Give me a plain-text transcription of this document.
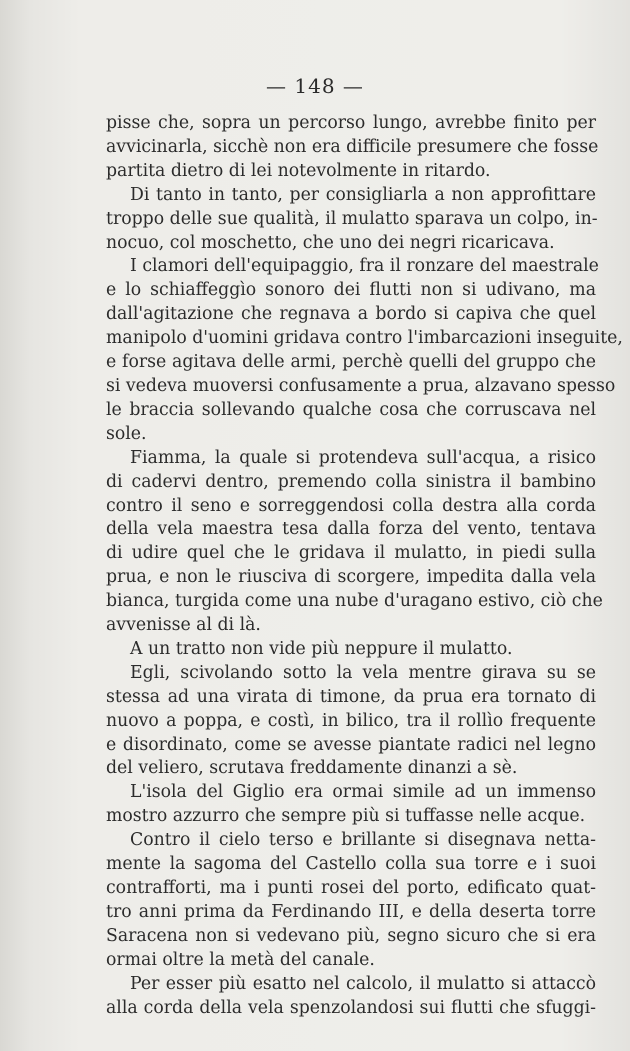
— 148 —
pisse che, sopra un percorso lungo, avrebbe finito per
avvicinarla, sicchè non era difficile presumere che fosse
partita dietro di lei notevolmente in ritardo.
Di tanto in tanto, per consigliarla a non approfittare
troppo delle sue qualità, il mulatto sparava un colpo, in-
nocuo, col moschetto, che uno dei negri ricaricava.
I clamori dell'equipaggio, fra il ronzare del maestrale
e lo schiaffeggìo sonoro dei flutti non si udivano, ma
dall'agitazione che regnava a bordo si capiva che quel
manipolo d'uomini gridava contro l'imbarcazioni inseguite,
e forse agitava delle armi, perchè quelli del gruppo che
si vedeva muoversi confusamente a prua, alzavano spesso
le braccia sollevando qualche cosa che corruscava nel
sole.
Fiamma, la quale si protendeva sull'acqua, a risico
di cadervi dentro, premendo colla sinistra il bambino
contro il seno e sorreggendosi colla destra alla corda
della vela maestra tesa dalla forza del vento, tentava
di udire quel che le gridava il mulatto, in piedi sulla
prua, e non le riusciva di scorgere, impedita dalla vela
bianca, turgida come una nube d'uragano estivo, ciò che
avvenisse al di là.
A un tratto non vide più neppure il mulatto.
Egli, scivolando sotto la vela mentre girava su se
stessa ad una virata di timone, da prua era tornato di
nuovo a poppa, e costì, in bilico, tra il rollìo frequente
e disordinato, come se avesse piantate radici nel legno
del veliero, scrutava freddamente dinanzi a sè.
L'isola del Giglio era ormai simile ad un immenso
mostro azzurro che sempre più si tuffasse nelle acque.
Contro il cielo terso e brillante si disegnava netta-
mente la sagoma del Castello colla sua torre e i suoi
contrafforti, ma i punti rosei del porto, edificato quat-
tro anni prima da Ferdinando III, e della deserta torre
Saracena non si vedevano più, segno sicuro che si era
ormai oltre la metà del canale.
Per esser più esatto nel calcolo, il mulatto si attaccò
alla corda della vela spenzolandosi sui flutti che sfuggi-
